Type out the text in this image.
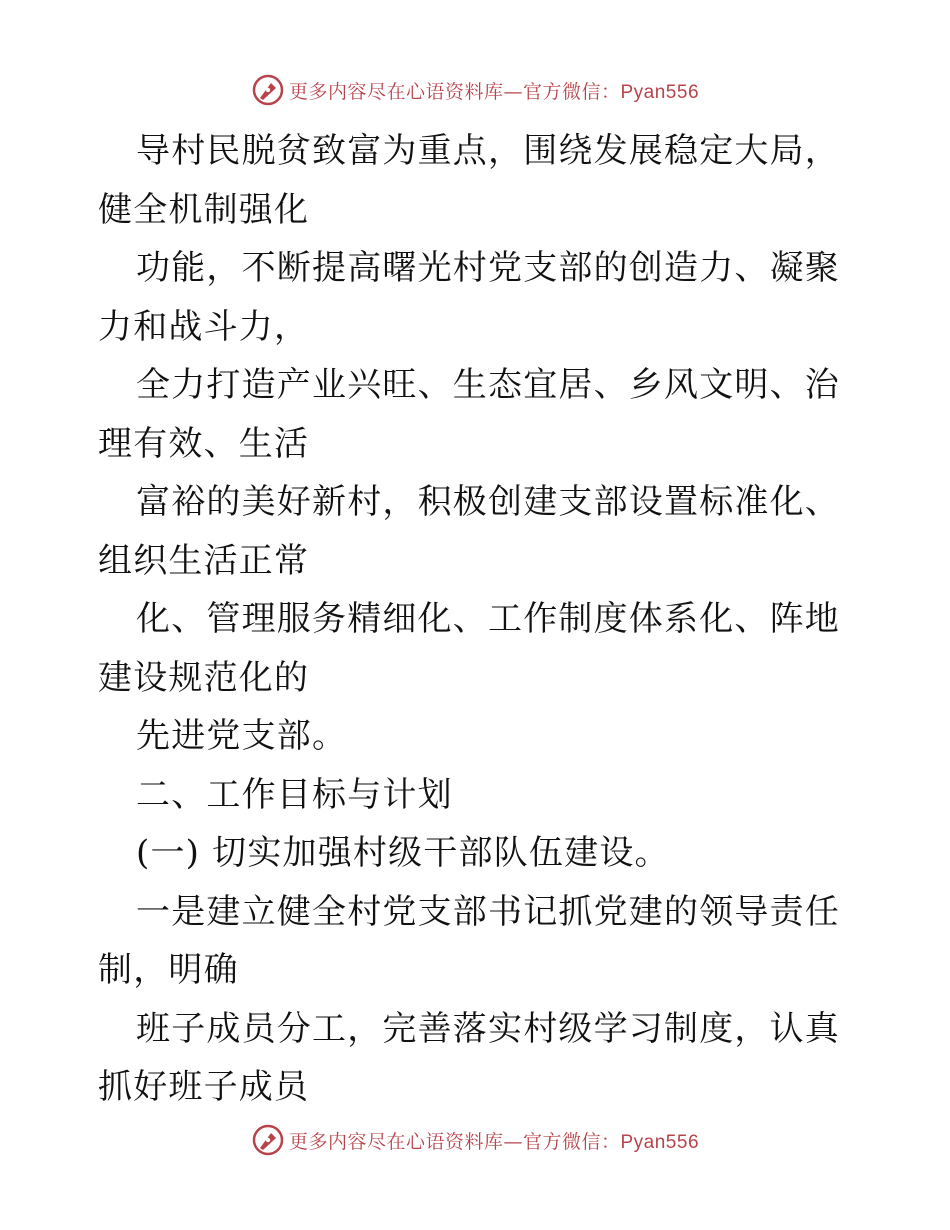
更多内容尽在心语资料库—官方微信：Pyan556

导村民脱贫致富为重点，围绕发展稳定大局，健全机制强化

功能，不断提高曙光村党支部的创造力、凝聚力和战斗力，

全力打造产业兴旺、生态宜居、乡风文明、治理有效、生活

富裕的美好新村，积极创建支部设置标准化、组织生活正常

化、管理服务精细化、工作制度体系化、阵地建设规范化的

先进党支部。

二、工作目标与计划

(一) 切实加强村级干部队伍建设。

一是建立健全村党支部书记抓党建的领导责任制，明确

班子成员分工，完善落实村级学习制度，认真抓好班子成员

更多内容尽在心语资料库—官方微信：Pyan556
